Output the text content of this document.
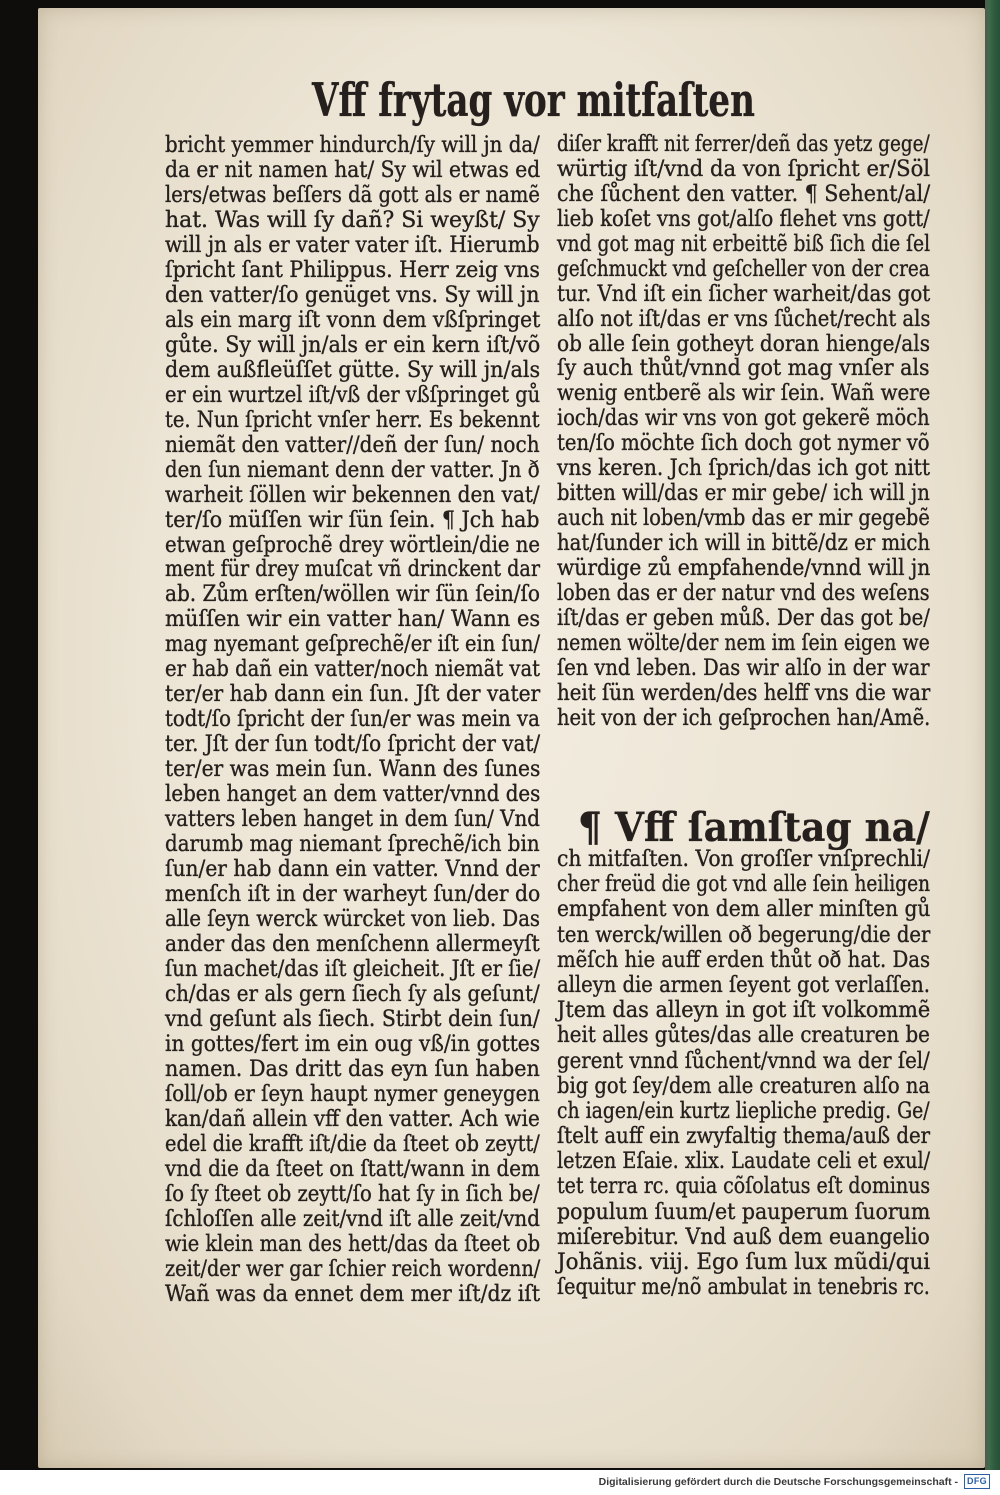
Vff frytag vor mitfaſten
bricht yemmer hindurch/ſy will jn da/
da er nit namen hat/ Sy wil etwas ed
lers/etwas beſſers dã gott als er namẽ
hat. Was will ſy dañ? Si weyßt/ Sy
will jn als er vater vater iſt. Hierumb
ſpricht ſant Philippus. Herr zeig vns
den vatter/ſo genüget vns. Sy will jn
als ein marg iſt vonn dem vßſpringet
gůte. Sy will jn/als er ein kern iſt/võ
dem außfleüſſet gütte. Sy will jn/als
er ein wurtzel iſt/vß der vßſpringet gů
te. Nun ſpricht vnſer herr. Es bekennt
niemãt den vatter//deñ der ſun/ noch
den ſun niemant denn der vatter. Jn ð
warheit ſöllen wir bekennen den vat/
ter/ſo müſſen wir ſün ſein. ¶ Jch hab
etwan geſprochẽ drey wörtlein/die ne
ment für drey muſcat vñ drinckent dar
ab. Zům erſten/wöllen wir ſün ſein/ſo
müſſen wir ein vatter han/ Wann es
mag nyemant geſprechẽ/er iſt ein ſun/
er hab dañ ein vatter/noch niemãt vat
ter/er hab dann ein ſun. Jſt der vater
todt/ſo ſpricht der ſun/er was mein va
ter. Jſt der ſun todt/ſo ſpricht der vat/
ter/er was mein ſun. Wann des ſunes
leben hanget an dem vatter/vnnd des
vatters leben hanget in dem ſun/ Vnd
darumb mag niemant ſprechẽ/ich bin
ſun/er hab dann ein vatter. Vnnd der
menſch iſt in der warheyt ſun/der do
alle ſeyn werck würcket von lieb. Das
ander das den menſchenn allermeyſt
ſun machet/das iſt gleicheit. Jſt er ſie/
ch/das er als gern ſiech ſy als geſunt/
vnd geſunt als ſiech. Stirbt dein ſun/
in gottes/fert im ein oug vß/in gottes
namen. Das dritt das eyn ſun haben
ſoll/ob er ſeyn haupt nymer geneygen
kan/dañ allein vff den vatter. Ach wie
edel die krafft iſt/die da ſteet ob zeytt/
vnd die da ſteet on ſtatt/wann in dem
ſo ſy ſteet ob zeytt/ſo hat ſy in ſich be/
ſchloſſen alle zeit/vnd iſt alle zeit/vnd
wie klein man des hett/das da ſteet ob
zeit/der wer gar ſchier reich wordenn/
Wañ was da ennet dem mer iſt/dz iſt
diſer krafft nit ferrer/deñ das yetz gege/
würtig iſt/vnd da von ſpricht er/Söl
che ſůchent den vatter. ¶ Sehent/al/
lieb koſet vns got/alſo flehet vns gott/
vnd got mag nit erbeittẽ biß ſich die ſel
geſchmuckt vnd geſcheller von der crea
tur. Vnd iſt ein ſicher warheit/das got
alſo not iſt/das er vns ſůchet/recht als
ob alle ſein gotheyt doran hienge/als
ſy auch thůt/vnnd got mag vnſer als
wenig entberẽ als wir ſein. Wañ were
ioch/das wir vns von got gekerẽ möch
ten/ſo möchte ſich doch got nymer võ
vns keren. Jch ſprich/das ich got nitt
bitten will/das er mir gebe/ ich will jn
auch nit loben/vmb das er mir gegebẽ
hat/ſunder ich will in bittẽ/dz er mich
würdige zů empfahende/vnnd will jn
loben das er der natur vnd des weſens
iſt/das er geben můß. Der das got be/
nemen wölte/der nem im ſein eigen we
ſen vnd leben. Das wir alſo in der war
heit ſün werden/des helff vns die war
heit von der ich geſprochen han/Amẽ.
¶ Vff ſamſtag na/
ch mitfaſten. Von groſſer vnſprechli/
cher freüd die got vnd alle ſein heiligen
empfahent von dem aller minſten gů
ten werck/willen oð begerung/die der
mẽſch hie auff erden thůt oð hat. Das
alleyn die armen ſeyent got verlaſſen.
Jtem das alleyn in got iſt volkommẽ
heit alles gůtes/das alle creaturen be
gerent vnnd ſůchent/vnnd wa der ſel/
big got ſey/dem alle creaturen alſo na
ch iagen/ein kurtz liepliche predig. Ge/
ſtelt auff ein zwyfaltig thema/auß der
letzen Eſaie. xlix. Laudate celi et exul/
tet terra rc. quia cõſolatus eſt dominus
populum ſuum/et pauperum ſuorum
miſerebitur. Vnd auß dem euangelio
Johãnis. viij. Ego ſum lux mũdi/qui
ſequitur me/nõ ambulat in tenebris rc.
Digitalisierung gefördert durch die Deutsche Forschungsgemeinschaft -	DFG
